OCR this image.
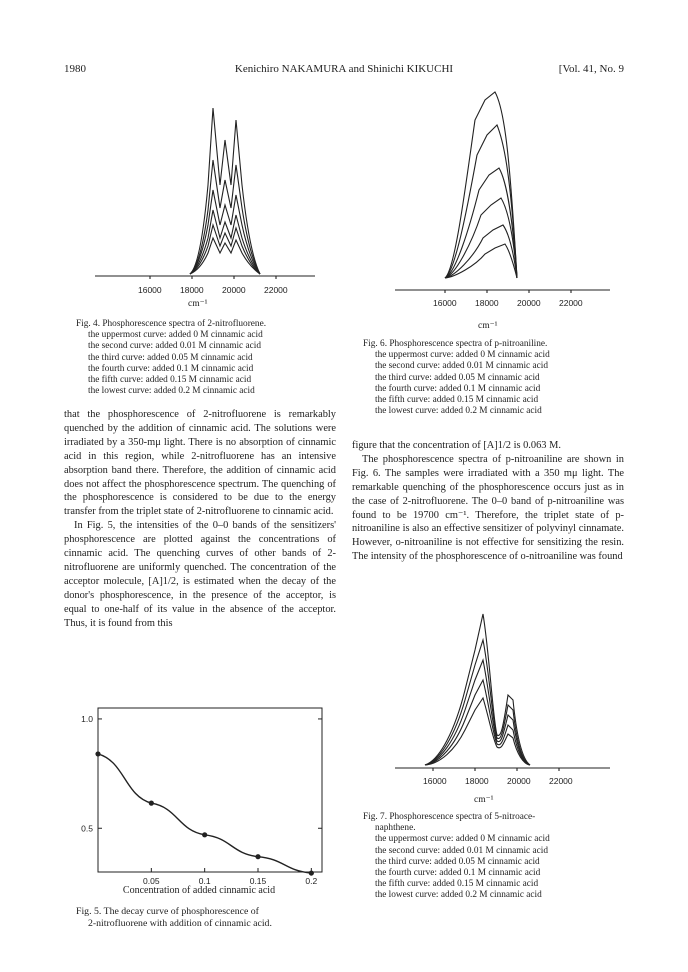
1980	Kenichiro NAKAMURA and Shinichi KIKUCHI	[Vol. 41, No. 9
16000 18000 20000 22000
cm⁻¹
Fig. 4. Phosphorescence spectra of 2-nitrofluorene.
the uppermost curve: added 0 M cinnamic acid
the second curve: added 0.01 M cinnamic acid
the third curve: added 0.05 M cinnamic acid
the fourth curve: added 0.1 M cinnamic acid
the fifth curve: added 0.15 M cinnamic acid
the lowest curve: added 0.2 M cinnamic acid
16000 18000 20000 22000
cm⁻¹
Fig. 6. Phosphorescence spectra of p-nitroaniline.
the uppermost curve: added 0 M cinnamic acid
the second curve: added 0.01 M cinnamic acid
the third curve: added 0.05 M cinnamic acid
the fourth curve: added 0.1 M cinnamic acid
the fifth curve: added 0.15 M cinnamic acid
the lowest curve: added 0.2 M cinnamic acid

that the phosphorescence of 2-nitrofluorene is remarkably quenched by the addition of cinnamic acid. The solutions were irradiated by a 350-mμ light. There is no absorption of cinnamic acid in this region, while 2-nitrofluorene has an intensive absorption band there. Therefore, the addition of cinnamic acid does not affect the phosphorescence spectrum. The quenching of the phosphorescence is considered to be due to the energy transfer from the triplet state of 2-nitrofluorene to cinnamic acid.

In Fig. 5, the intensities of the 0–0 bands of the sensitizers' phosphorescence are plotted against the concentrations of cinnamic acid. The quenching curves of other bands of 2-nitrofluorene are uniformly quenched. The concentration of the acceptor molecule, [A]1/2, is estimated when the decay of the donor's phosphorescence, in the presence of the acceptor, is equal to one-half of its value in the absence of the acceptor. Thus, it is found from this

figure that the concentration of [A]1/2 is 0.063 M.

The phosphorescence spectra of p-nitroaniline are shown in Fig. 6. The samples were irradiated with a 350 mμ light. The remarkable quenching of the phosphorescence occurs just as in the case of 2-nitrofluorene. The 0–0 band of p-nitroaniline was found to be 19700 cm⁻¹. Therefore, the triplet state of p-nitroaniline is also an effective sensitizer of polyvinyl cinnamate. However, o-nitroaniline is not effective for sensitizing the resin. The intensity of the phosphorescence of o-nitroaniline was found

0.05	0.1	0.15	0.2
1.0
0.5
Concentration of added cinnamic acid
Fig. 5. The decay curve of phosphorescence of
2-nitrofluorene with addition of cinnamic acid.
16000 18000 20000 22000
cm⁻¹
Fig. 7. Phosphorescence spectra of 5-nitroace-
naphthene.
the uppermost curve: added 0 M cinnamic acid
the second curve: added 0.01 M cinnamic acid
the third curve: added 0.05 M cinnamic acid
the fourth curve: added 0.1 M cinnamic acid
the fifth curve: added 0.15 M cinnamic acid
the lowest curve: added 0.2 M cinnamic acid
